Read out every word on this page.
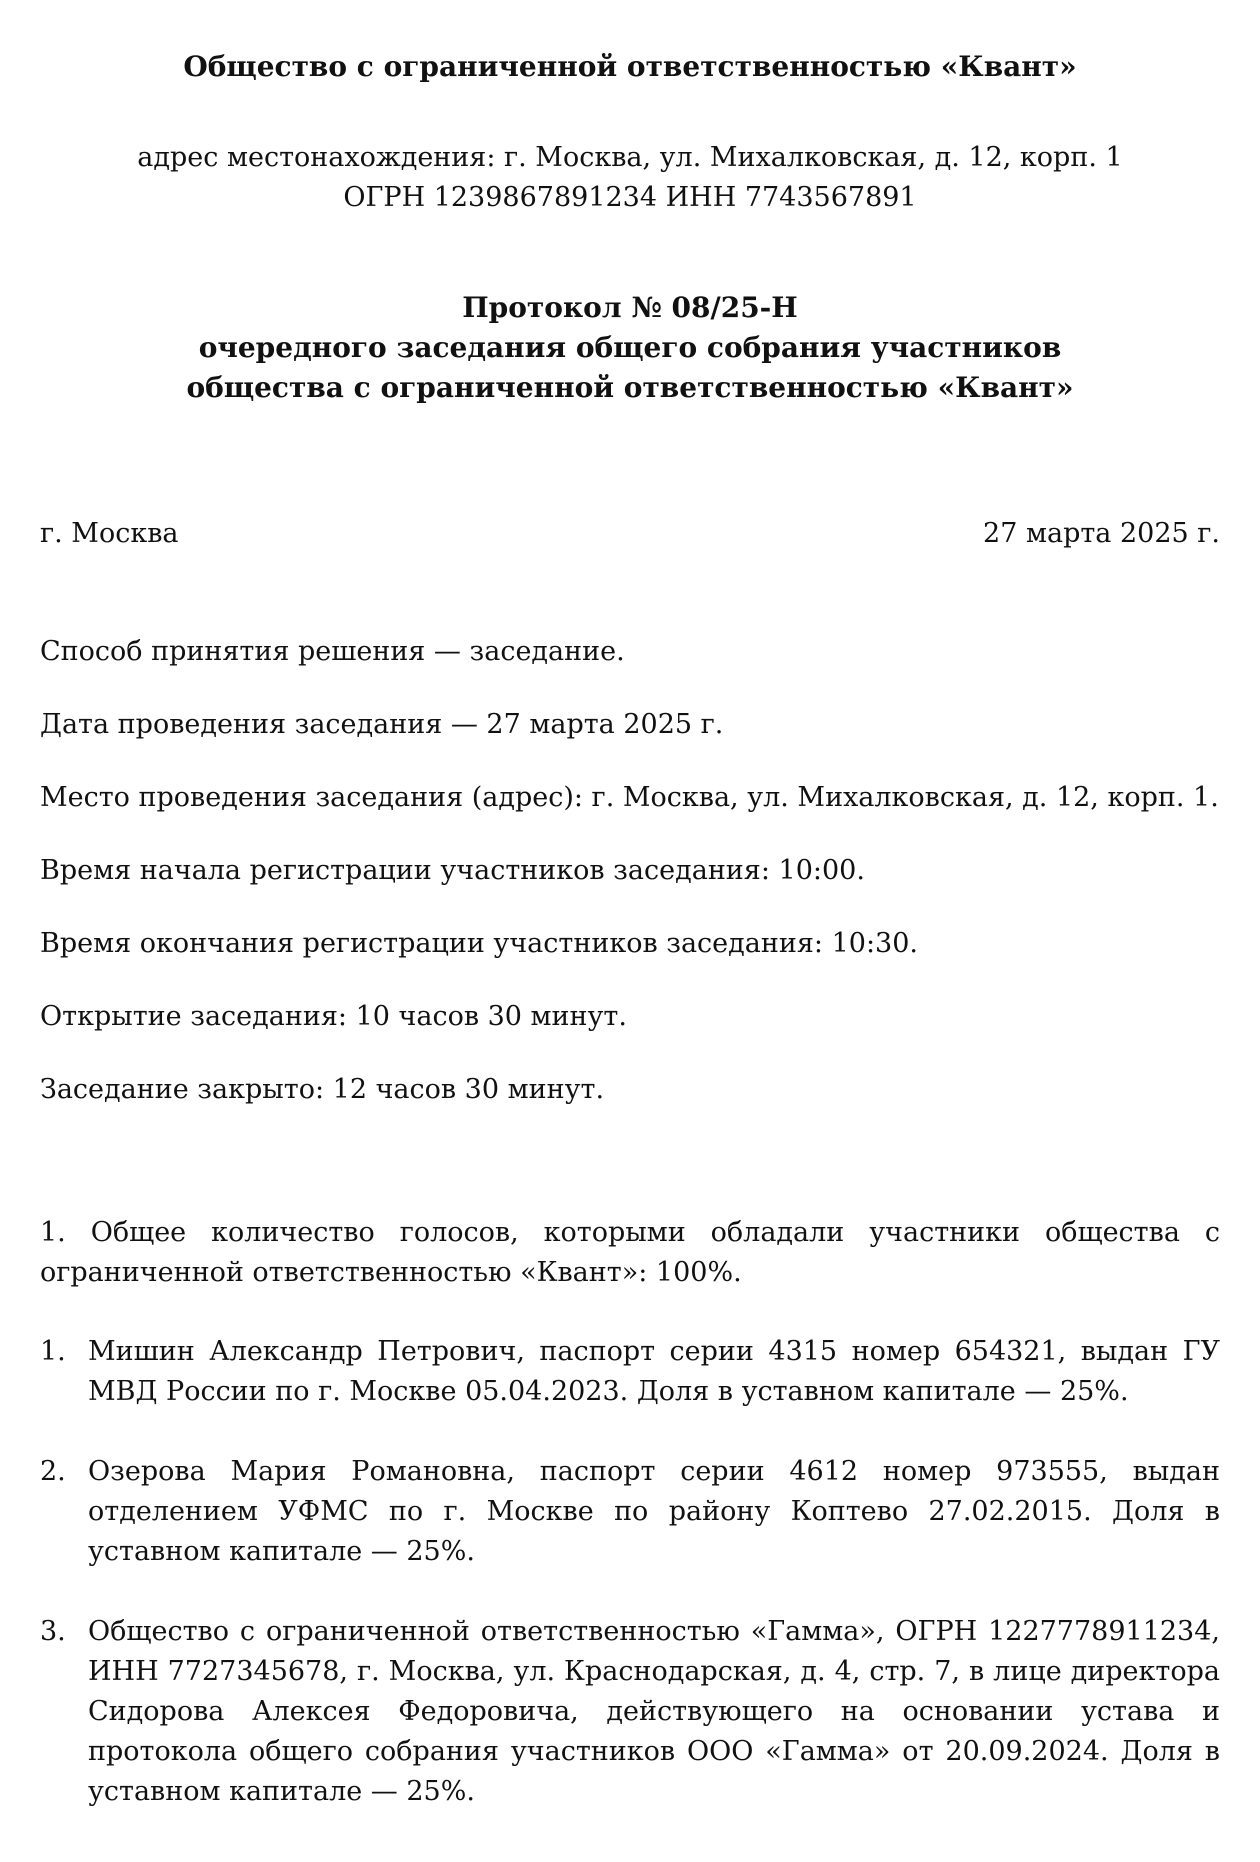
Общество с ограниченной ответственностью «Квант»
адрес местонахождения: г. Москва, ул. Михалковская, д. 12, корп. 1
ОГРН 1239867891234 ИНН 7743567891
Протокол № 08/25-Н
очередного заседания общего собрания участников
общества с ограниченной ответственностью «Квант»
г. Москва	27 марта 2025 г.

Способ принятия решения — заседание.

Дата проведения заседания — 27 марта 2025 г.

Место проведения заседания (адрес): г. Москва, ул. Михалковская, д. 12, корп. 1.

Время начала регистрации участников заседания: 10:00.

Время окончания регистрации участников заседания: 10:30.

Открытие заседания: 10 часов 30 минут.

Заседание закрыто: 12 часов 30 минут.

1. Общее количество голосов, которыми обладали участники общества с ограниченной ответственностью «Квант»: 100%.
1. Мишин Александр Петрович, паспорт серии 4315 номер 654321, выдан ГУ МВД России по г. Москве 05.04.2023. Доля в уставном капитале — 25%.
2. Озерова Мария Романовна, паспорт серии 4612 номер 973555, выдан отделением УФМС по г. Москве по району Коптево 27.02.2015. Доля в уставном капитале — 25%.
3. Общество с ограниченной ответственностью «Гамма», ОГРН 1227778911234, ИНН 7727345678, г. Москва, ул. Краснодарская, д. 4, стр. 7, в лице директора Сидорова Алексея Федоровича, действующего на основании устава и протокола общего собрания участников ООО «Гамма» от 20.09.2024. Доля в уставном капитале — 25%.
